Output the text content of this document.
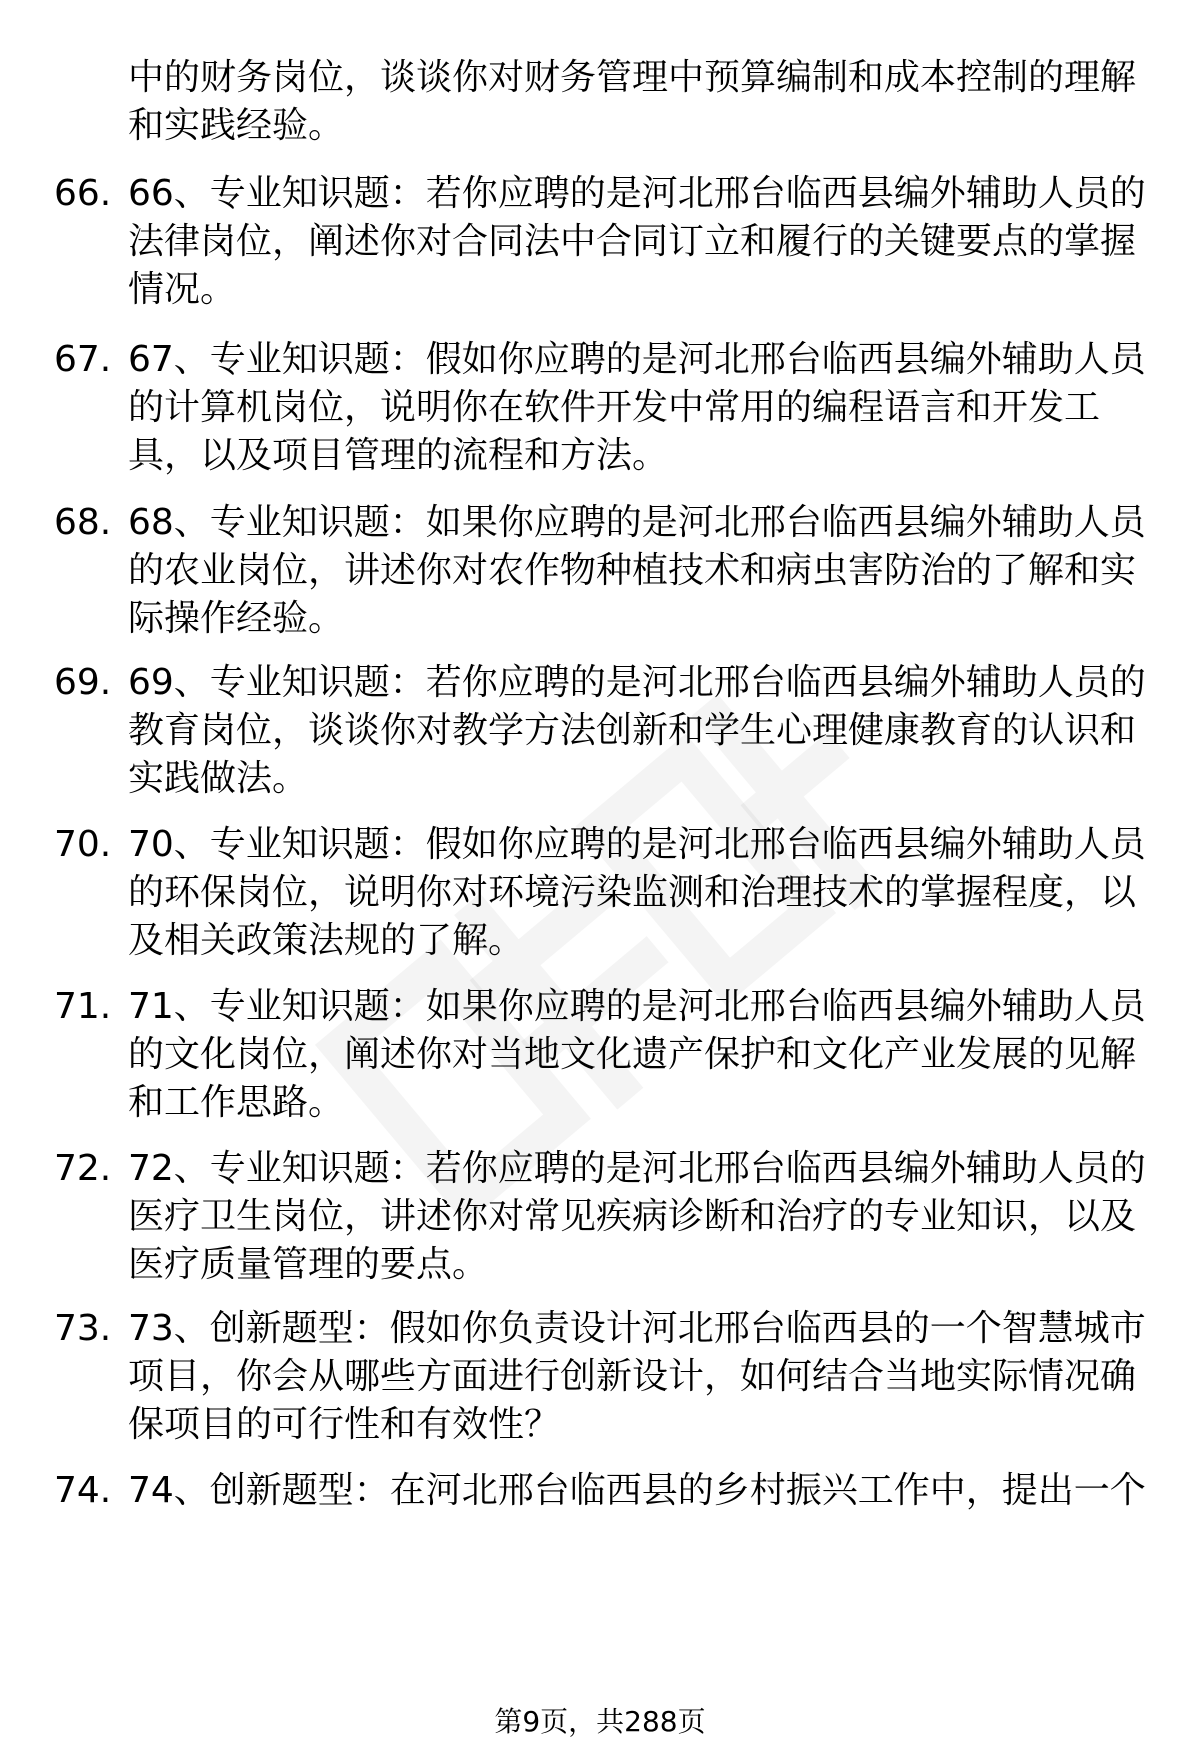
中的财务岗位，谈谈你对财务管理中预算编制和成本控制的理解
和实践经验。
66. 66、专业知识题：若你应聘的是河北邢台临西县编外辅助人员的
法律岗位，阐述你对合同法中合同订立和履行的关键要点的掌握
情况。
67. 67、专业知识题：假如你应聘的是河北邢台临西县编外辅助人员
的计算机岗位，说明你在软件开发中常用的编程语言和开发工
具，以及项目管理的流程和方法。
68. 68、专业知识题：如果你应聘的是河北邢台临西县编外辅助人员
的农业岗位，讲述你对农作物种植技术和病虫害防治的了解和实
际操作经验。
69. 69、专业知识题：若你应聘的是河北邢台临西县编外辅助人员的
教育岗位，谈谈你对教学方法创新和学生心理健康教育的认识和
实践做法。
70. 70、专业知识题：假如你应聘的是河北邢台临西县编外辅助人员
的环保岗位，说明你对环境污染监测和治理技术的掌握程度，以
及相关政策法规的了解。
71. 71、专业知识题：如果你应聘的是河北邢台临西县编外辅助人员
的文化岗位，阐述你对当地文化遗产保护和文化产业发展的见解
和工作思路。
72. 72、专业知识题：若你应聘的是河北邢台临西县编外辅助人员的
医疗卫生岗位，讲述你对常见疾病诊断和治疗的专业知识，以及
医疗质量管理的要点。
73. 73、创新题型：假如你负责设计河北邢台临西县的一个智慧城市
项目，你会从哪些方面进行创新设计，如何结合当地实际情况确
保项目的可行性和有效性？
74. 74、创新题型：在河北邢台临西县的乡村振兴工作中，提出一个
第9页，共288页
